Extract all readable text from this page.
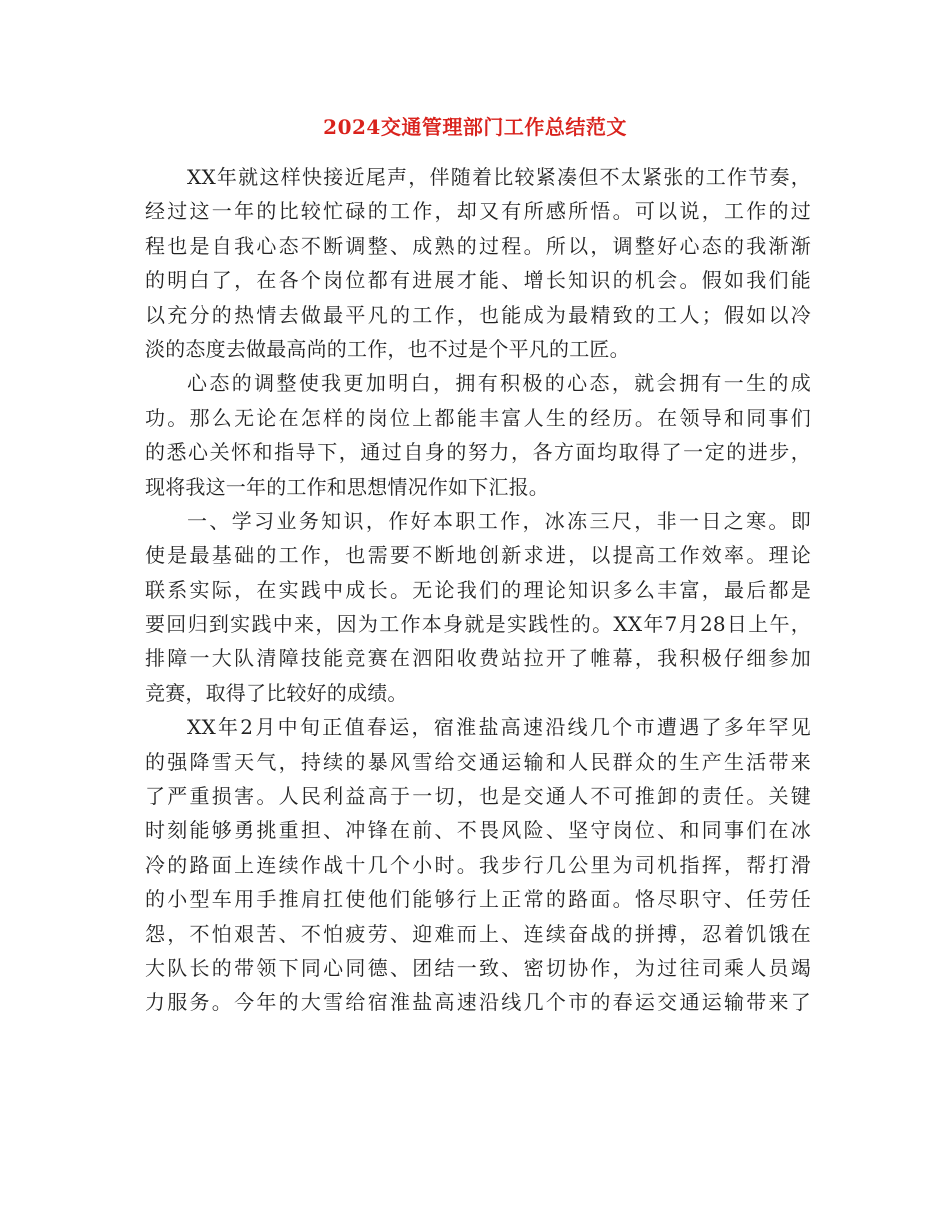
2024交通管理部门工作总结范文
XX年就这样快接近尾声，伴随着比较紧凑但不太紧张的工作节奏，
经过这一年的比较忙碌的工作，却又有所感所悟。可以说，工作的过
程也是自我心态不断调整、成熟的过程。所以，调整好心态的我渐渐
的明白了，在各个岗位都有进展才能、增长知识的机会。假如我们能
以充分的热情去做最平凡的工作，也能成为最精致的工人；假如以冷
淡的态度去做最高尚的工作，也不过是个平凡的工匠。
心态的调整使我更加明白，拥有积极的心态，就会拥有一生的成
功。那么无论在怎样的岗位上都能丰富人生的经历。在领导和同事们
的悉心关怀和指导下，通过自身的努力，各方面均取得了一定的进步，
现将我这一年的工作和思想情况作如下汇报。
一、学习业务知识，作好本职工作，冰冻三尺，非一日之寒。即
使是最基础的工作，也需要不断地创新求进，以提高工作效率。理论
联系实际，在实践中成长。无论我们的理论知识多么丰富，最后都是
要回归到实践中来，因为工作本身就是实践性的。XX年7月28日上午，
排障一大队清障技能竞赛在泗阳收费站拉开了帷幕，我积极仔细参加
竞赛，取得了比较好的成绩。
XX年2月中旬正值春运，宿淮盐高速沿线几个市遭遇了多年罕见
的强降雪天气，持续的暴风雪给交通运输和人民群众的生产生活带来
了严重损害。人民利益高于一切，也是交通人不可推卸的责任。关键
时刻能够勇挑重担、冲锋在前、不畏风险、坚守岗位、和同事们在冰
冷的路面上连续作战十几个小时。我步行几公里为司机指挥，帮打滑
的小型车用手推肩扛使他们能够行上正常的路面。恪尽职守、任劳任
怨，不怕艰苦、不怕疲劳、迎难而上、连续奋战的拼搏，忍着饥饿在
大队长的带领下同心同德、团结一致、密切协作，为过往司乘人员竭
力服务。今年的大雪给宿淮盐高速沿线几个市的春运交通运输带来了
